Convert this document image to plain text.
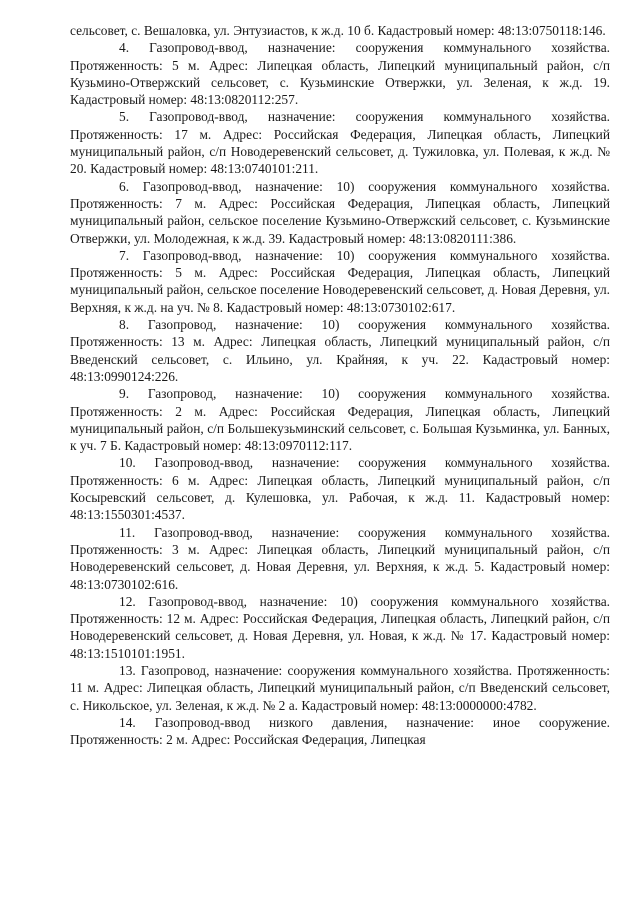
сельсовет, с. Вешаловка, ул. Энтузиастов, к ж.д. 10 б. Кадастровый номер: 48:13:0750118:146.

4. Газопровод-ввод, назначение: сооружения коммунального хозяйства. Протяженность: 5 м. Адрес: Липецкая область, Липецкий муниципальный район, с/п Кузьмино-Отвержский сельсовет, с. Кузьминские Отвержки, ул. Зеленая, к ж.д. 19. Кадастровый номер: 48:13:0820112:257.

5. Газопровод-ввод, назначение: сооружения коммунального хозяйства. Протяженность: 17 м. Адрес: Российская Федерация, Липецкая область, Липецкий муниципальный район, с/п Новодеревенский сельсовет, д. Тужиловка, ул. Полевая, к ж.д. № 20. Кадастровый номер: 48:13:0740101:211.

6. Газопровод-ввод, назначение: 10) сооружения коммунального хозяйства. Протяженность: 7 м. Адрес: Российская Федерация, Липецкая область, Липецкий муниципальный район, сельское поселение Кузьмино-Отвержский сельсовет, с. Кузьминские Отвержки, ул. Молодежная, к ж.д. 39. Кадастровый номер: 48:13:0820111:386.

7. Газопровод-ввод, назначение: 10) сооружения коммунального хозяйства. Протяженность: 5 м. Адрес: Российская Федерация, Липецкая область, Липецкий муниципальный район, сельское поселение Новодеревенский сельсовет, д. Новая Деревня, ул. Верхняя, к ж.д. на уч. № 8. Кадастровый номер: 48:13:0730102:617.

8. Газопровод, назначение: 10) сооружения коммунального хозяйства. Протяженность: 13 м. Адрес: Липецкая область, Липецкий муниципальный район, с/п Введенский сельсовет, с. Ильино, ул. Крайняя, к уч. 22. Кадастровый номер: 48:13:0990124:226.

9. Газопровод, назначение: 10) сооружения коммунального хозяйства. Протяженность: 2 м. Адрес: Российская Федерация, Липецкая область, Липецкий муниципальный район, с/п Большекузьминский сельсовет, с. Большая Кузьминка, ул. Банных, к уч. 7 Б. Кадастровый номер: 48:13:0970112:117.

10. Газопровод-ввод, назначение: сооружения коммунального хозяйства. Протяженность: 6 м. Адрес: Липецкая область, Липецкий муниципальный район, с/п Косыревский сельсовет, д. Кулешовка, ул. Рабочая, к ж.д. 11. Кадастровый номер: 48:13:1550301:4537.

11. Газопровод-ввод, назначение: сооружения коммунального хозяйства. Протяженность: 3 м. Адрес: Липецкая область, Липецкий муниципальный район, с/п Новодеревенский сельсовет, д. Новая Деревня, ул. Верхняя, к ж.д. 5. Кадастровый номер: 48:13:0730102:616.

12. Газопровод-ввод, назначение: 10) сооружения коммунального хозяйства. Протяженность: 12 м. Адрес: Российская Федерация, Липецкая область, Липецкий район, с/п Новодеревенский сельсовет, д. Новая Деревня, ул. Новая, к ж.д. № 17. Кадастровый номер: 48:13:1510101:1951.

13. Газопровод, назначение: сооружения коммунального хозяйства. Протяженность: 11 м. Адрес: Липецкая область, Липецкий муниципальный район, с/п Введенский сельсовет, с. Никольское, ул. Зеленая, к ж.д. № 2 а. Кадастровый номер: 48:13:0000000:4782.

14. Газопровод-ввод низкого давления, назначение: иное сооружение. Протяженность: 2 м. Адрес: Российская Федерация, Липецкая
